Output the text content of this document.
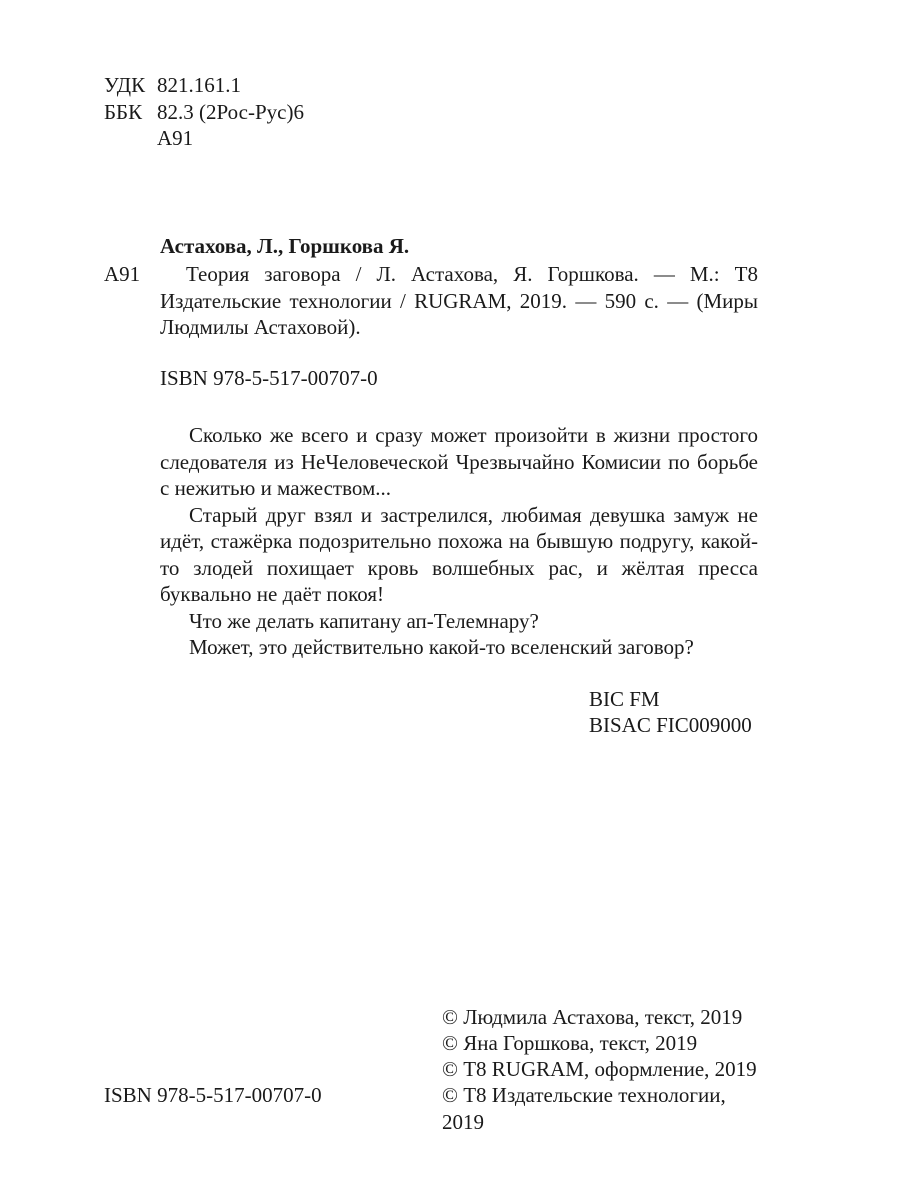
УДК 821.161.1
ББК 82.3 (2Рос-Рус)6
А91
Астахова, Л., Горшкова Я.
А91	Теория заговора / Л. Астахова, Я. Горшкова. — М.: Т8 Издательские технологии / RUGRAM, 2019. — 590 с. — (Миры Людмилы Астаховой).
ISBN 978-5-517-00707-0

Сколько же всего и сразу может произойти в жизни простого следователя из НеЧеловеческой Чрезвычайно Комисии по борьбе с нежитью и мажеством...

Старый друг взял и застрелился, любимая девушка замуж не идёт, стажёрка подозрительно похожа на бывшую подругу, какой-то злодей похищает кровь волшебных рас, и жёлтая пресса буквально не даёт покоя!

Что же делать капитану ап-Телемнару?

Может, это действительно какой-то вселенский заговор?

BIC FM
BISAC FIC009000
© Людмила Астахова, текст, 2019
© Яна Горшкова, текст, 2019
© Т8 RUGRAM, оформление, 2019
© Т8 Издательские технологии, 2019
ISBN 978-5-517-00707-0
